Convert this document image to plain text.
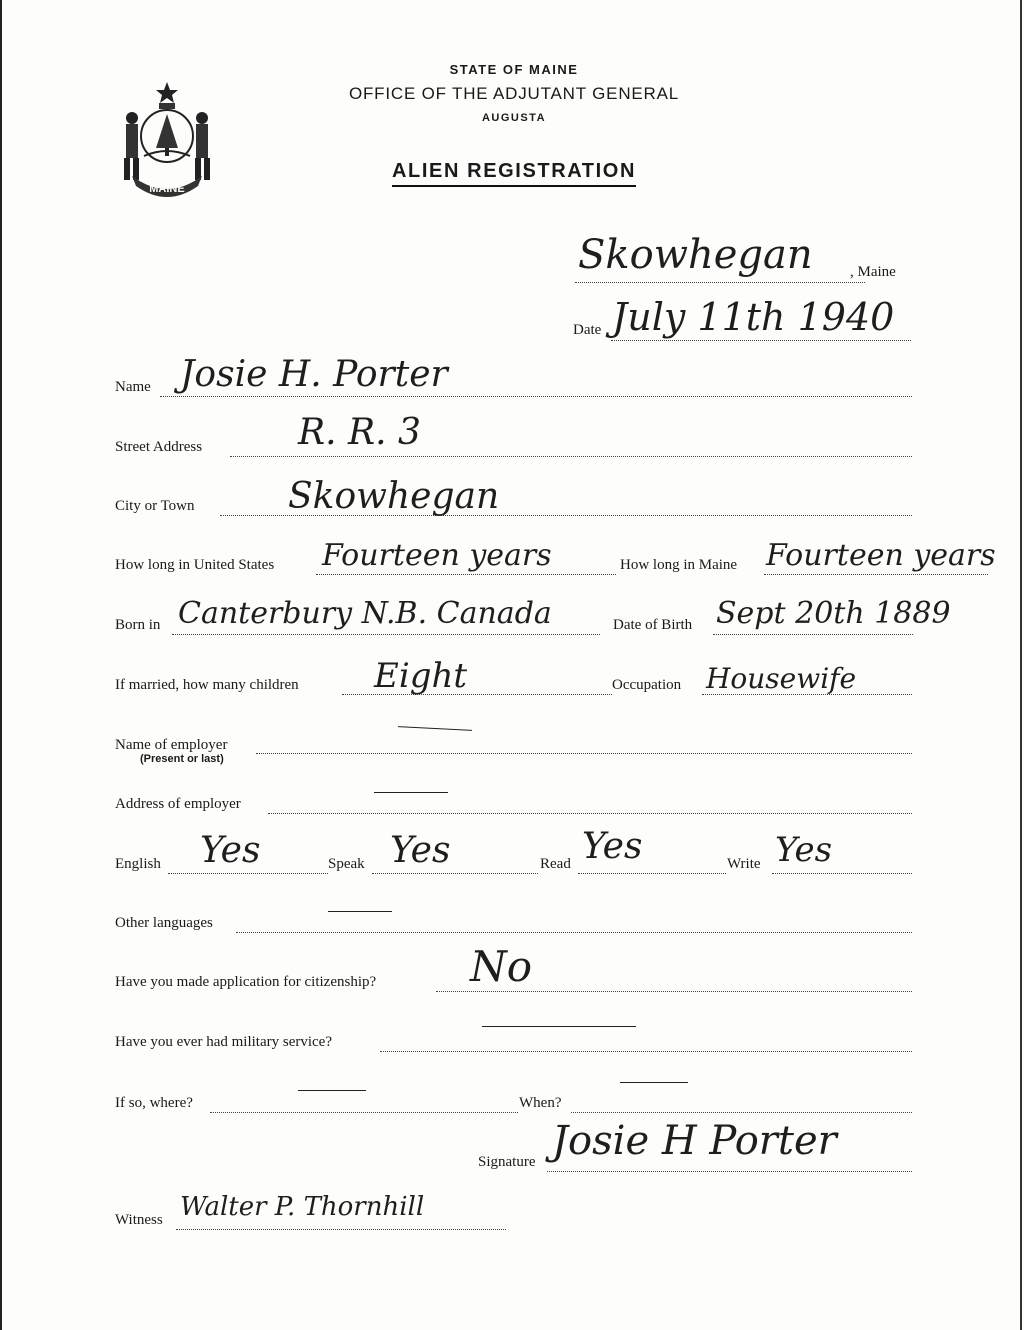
MAINE
STATE OF MAINE
OFFICE OF THE ADJUTANT GENERAL
AUGUSTA
ALIEN REGISTRATION
Skowhegan , Maine
Date July 11th 1940
Name Josie H. Porter
Street Address	R. R. 3
City or Town	Skowhegan
How long in United States Fourteen years	How long in Maine Fourteen years
Born in Canterbury N.B. Canada	Date of Birth Sept 20th 1889
If married, how many children Eight	Occupation Housewife
Name of employer
(Present or last)
Address of employer
English Yes	Speak Yes	Read Yes	Write Yes
Other languages
Have you made application for citizenship? No
Have you ever had military service?
If so, where?	When?
Signature Josie H Porter
Witness Walter P. Thornhill
